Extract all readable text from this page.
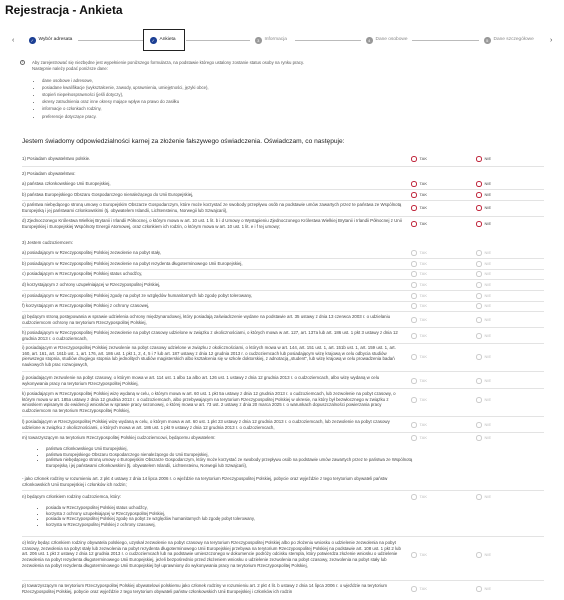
Rejestracja - Ankieta
‹	✓ Wybór adresata	✓ Ankieta	3	Informacja	4	Dane osobowe	5	Dane szczegółowe ›
i	Aby zarejestrować się niezbędne jest wypełnienie poniższego formularza, na podstawie którego ustalony zostanie status osoby na rynku pracy.

Następnie należy podać poniższe dane:

• dane osobowe i adresowe,
• posiadane kwalifikacje (wykształcenie, zawody, uprawnienia, umiejętności, języki obce),
• stopień niepełnosprawności (jeśli dotyczy),
• okresy zatrudnienia oraz inne okresy mające wpływ na prawo do zasiłku
• informacje o członkach rodziny,
• preferencje dotyczące pracy.
Jestem świadomy odpowiedzialności karnej za złożenie fałszywego oświadczenia. Oświadczam, co następuje:
1) Posiadam obywatelstwo polskie.	TAK	NIE
2) Posiadam obywatelstwo:
a) państwa członkowskiego Unii Europejskiej,	TAK	NIE
b) państwa Europejskiego Obszaru Gospodarczego nienależącego do Unii Europejskiej,	TAK	NIE
c) państwa niebędącego stroną umowy o Europejskim Obszarze Gospodarczym, które może korzystać ze swobody przepływu osób na podstawie umów zawartych przez te państwa ze Wspólnotą Europejską i jej państwami członkowskimi (tj. obywatelem Islandii, Lichtensteinu, Norwegii lub Szwajcarii),
TAK	NIE
d) Zjednoczonego Królestwa Wielkiej Brytanii i Irlandii Północnej, o którym mowa w art. 10 ust. 1 lit. b i d Umowy o Wystąpieniu Zjednoczonego Królestwa Wielkiej Brytanii i Irlandii Północnej z Unii Europejskiej i Europejskiej Wspólnoty Energii Atomowej, oraz członkiem ich rodzin, o którym mowa w art. 10 ust. 1 lit. e i f tej umowy;
TAK	NIE
3) Jestem cudzoziemcem:
a) posiadającym w Rzeczypospolitej Polskiej zezwolenie na pobyt stały,	TAK	NIE
b) posiadającym w Rzeczypospolitej Polskiej zezwolenie na pobyt rezydenta długoterminowego Unii Europejskiej,	TAK	NIE
c) posiadającym w Rzeczypospolitej Polskiej status uchodźcy,	TAK	NIE
d) korzystającym z ochrony uzupełniającej w Rzeczypospolitej Polskiej,	TAK	NIE
e) posiadającym w Rzeczypospolitej Polskiej zgodę na pobyt ze względów humanitarnych lub zgodę pobyt tolerowany,	TAK	NIE
f) korzystającym w Rzeczypospolitej Polskiej z ochrony czasowej,	TAK	NIE
g) będącym stroną postępowania w sprawie udzielenia ochrony międzynarodowej, który posiadają zaświadczenie wydane na podstawie art. 35 ustawy z dnia 13 czerwca 2003 r. o udzielaniu cudzoziemcom ochrony na terytorium Rzeczypospolitej Polskiej,
TAK	NIE
h) posiadającym w Rzeczypospolitej Polskiej zezwolenie na pobyt czasowy udzielone w związku z okolicznościami, o których mowa w art. 127, art. 137a lub art. 186 ust. 1 pkt 3 ustawy z dnia 12 grudnia 2013 r. o cudzoziemcach,
TAK	NIE
i) posiadającym w Rzeczypospolitej Polskiej zezwolenie na pobyt czasowy udzielone w związku z okolicznościami, o których mowa w art. 144, art. 151 ust. 1, art. 151b ust. 1, art. 159 ust. 1, art. 160, art. 161, art. 161b ust. 1, art. 176, art. 186 ust. 1 pkt 1, 2, 4, 5 i 7 lub art. 187 ustawy z dnia 12 grudnia 2013 r. o cudzoziemcach lub posiadającym wizę krajową w celu odbycia studiów pierwszego stopnia, studiów drugiego stopnia lub jednolitych studiów magisterskich albo kształcenia się w szkole doktorskiej, z adnotacją „student”, lub wizę krajową w celu prowadzenia badań naukowych lub prac rozwojowych,
TAK	NIE
j) posiadającym zezwolenie na pobyt czasowy, o którym mowa w art. 114 ust. 1 albo 1a albo art. 126 ust. 1 ustawy z dnia 12 grudnia 2013 r. o cudzoziemcach, albo wizę wydaną w celu wykonywania pracy na terytorium Rzeczypospolitej Polskiej,
TAK	NIE
k) posiadającym w Rzeczypospolitej Polskiej wizę wydaną w celu, o którym mowa w art. 60 ust. 1 pkt 5a ustawy z dnia 12 grudnia 2013 r. o cudzoziemcach, lub zezwolenie na pobyt czasowy, o którym mowa w art. 185a ustawy z dnia 12 grudnia 2013 r. o cudzoziemcach, albo przebywającym na terytorium Rzeczypospolitej Polskiej w okresie, na który był bezwłocznego w związku z wnioskiem wpisanym do ewidencji wniosków w sprawie pracy sezonowej, o której mowa w art. 73 ust. 2 ustawy z dnia 20 marca 2025 r. o warunkach dopuszczalności powierzania pracy cudzoziemcom na terytorium Rzeczypospolitej Polskiej,
TAK	NIE
l) posiadającym w Rzeczypospolitej Polskiej wizę wydaną w celu, o którym mowa w art. 60 ust. 1 pkt 23 ustawy z dnia 12 grudnia 2013 r. o cudzoziemcach, lub zezwolenie na pobyt czasowy udzielone w związku z okolicznościami, o których mowa w art. 186 ust. 1 pkt 9 ustawy z dnia 12 grudnia 2013 r. o cudzoziemcach,
TAK	NIE
m) towarzyszącym na terytorium Rzeczypospolitej Polskiej cudzoziemcowi, będącemu obywatelem:	TAK	NIE
• państwa członkowskiego Unii Europejskiej,
• państwa Europejskiego Obszaru Gospodarczego nienależącego do Unii Europejskiej,
• państwa niebędącego stroną umowy o Europejskim Obszarze Gospodarczym, który może korzystać ze swobody przepływu osób na podstawie umów zawartych przez te państwa ze Wspólnotą Europejską i jej państwami członkowskimi (tj. obywatelem Islandii, Lichtensteinu, Norwegii lub Szwajcarii),
- jako członek rodziny w rozumieniu art. 2 pkt 4 ustawy z dnia 14 lipca 2006 r. o wjeździe na terytorium Rzeczypospolitej Polskiej, pobycie oraz wyjeździe z tego terytorium obywateli państw członkowskich Unii Europejskiej i członków ich rodzin;
n) będącym członkiem rodziny cudzoziemca, który:	TAK	NIE
• posiada w Rzeczypospolitej Polskiej status uchodźcy,
• korzysta z ochrony uzupełniającej w Rzeczypospolitej Polskiej,
• posiada w Rzeczypospolitej Polskiej zgodę na pobyt ze względów humanitarnych lub zgodę pobyt tolerowany,
• korzysta w Rzeczypospolitej Polskiej z ochrony czasowej,
o) który będąc członkiem rodziny obywatela polskiego, uzyskał zezwolenie na pobyt czasowy na terytorium Rzeczypospolitej Polskiej albo po złożeniu wniosku o udzielenie zezwolenia na pobyt czasowy, zezwolenia na pobyt stały lub zezwolenia na pobyt rezydenta długoterminowego Unii Europejskiej przebywa na terytorium Rzeczypospolitej Polskiej na podstawie art. 108 ust. 1 pkt 2 lub art. 206 ust. 1 pkt 2 ustawy z dnia 12 grudnia 2013 r. o cudzoziemcach lub na podstawie umieszczonego w dokumencie podróży odcisku stempla, który potwierdza złożenie wniosku o udzielenie zezwolenia na pobyt rezydenta długoterminowego Unii Europejskiej, jeżeli bezpośrednio przed złożeniem wniosku o udzielenie zezwolenia na pobyt czasowy, zezwolenia na pobyt stały lub zezwolenia na pobyt rezydenta długoterminowego Unii Europejskiej był uprawniony do wykonywania pracy na terytorium Rzeczypospolitej Polskiej,
TAK	NIE
p) towarzyszącym na terytorium Rzeczypospolitej Polskiej obywatelowi polskiemu jako członek rodziny w rozumieniu art. 2 pkt 4 lit. b ustawy z dnia 14 lipca 2006 r. o wjeździe na terytorium Rzeczypospolitej Polskiej, pobycie oraz wyjeździe z tego terytorium obywateli państw członkowskich Unii Europejskiej i członków ich rodzin
TAK	NIE
